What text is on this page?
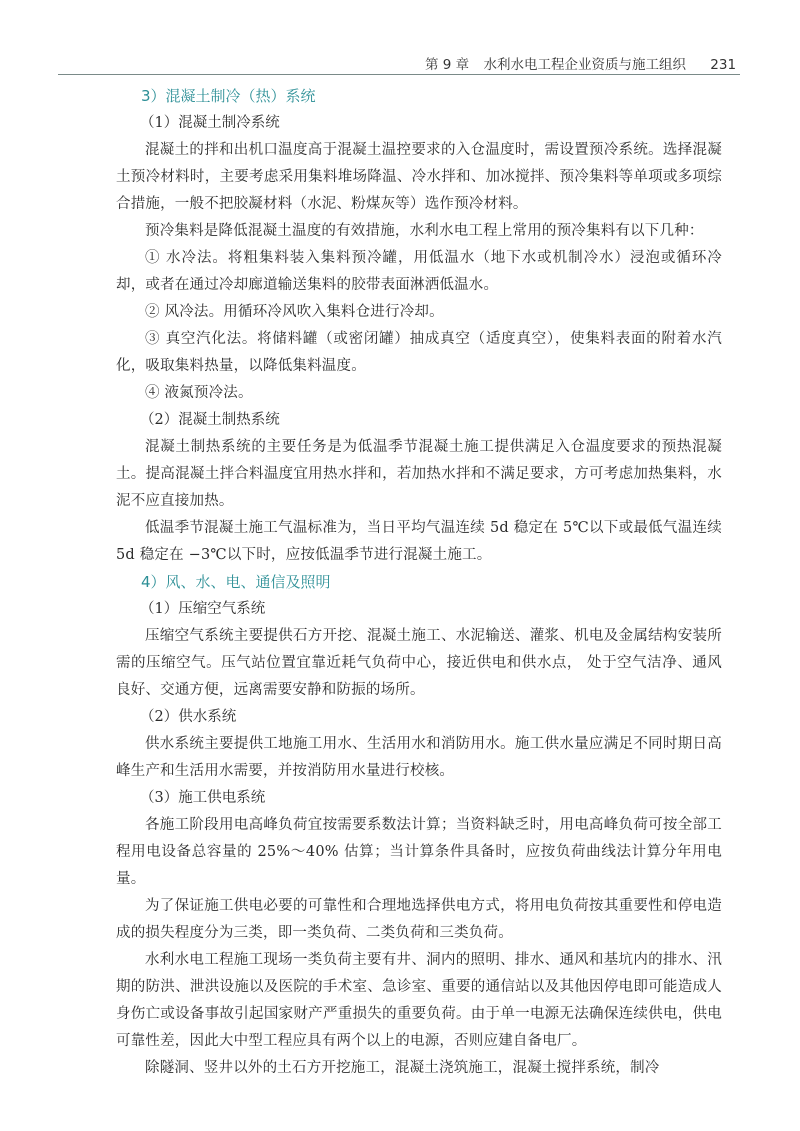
第 9 章 水利水电工程企业资质与施工组织 231
3）混凝土制冷（热）系统
（1）混凝土制冷系统

混凝土的拌和出机口温度高于混凝土温控要求的入仓温度时，需设置预冷系统。选择混凝土预冷材料时，主要考虑采用集料堆场降温、冷水拌和、加冰搅拌、预冷集料等单项或多项综合措施，一般不把胶凝材料（水泥、粉煤灰等）选作预冷材料。

预冷集料是降低混凝土温度的有效措施，水利水电工程上常用的预冷集料有以下几种：

① 水冷法。将粗集料装入集料预冷罐，用低温水（地下水或机制冷水）浸泡或循环冷却，或者在通过冷却廊道输送集料的胶带表面淋洒低温水。

② 风冷法。用循环冷风吹入集料仓进行冷却。

③ 真空汽化法。将储料罐（或密闭罐）抽成真空（适度真空），使集料表面的附着水汽化，吸取集料热量，以降低集料温度。

④ 液氮预冷法。

（2）混凝土制热系统

混凝土制热系统的主要任务是为低温季节混凝土施工提供满足入仓温度要求的预热混凝土。提高混凝土拌合料温度宜用热水拌和，若加热水拌和不满足要求，方可考虑加热集料，水泥不应直接加热。

低温季节混凝土施工气温标准为，当日平均气温连续 5d 稳定在 5℃以下或最低气温连续 5d 稳定在 −3℃以下时，应按低温季节进行混凝土施工。

4）风、水、电、通信及照明
（1）压缩空气系统

压缩空气系统主要提供石方开挖、混凝土施工、水泥输送、灌浆、机电及金属结构安装所需的压缩空气。压气站位置宜靠近耗气负荷中心，接近供电和供水点， 处于空气洁净、通风良好、交通方便，远离需要安静和防振的场所。

（2）供水系统

供水系统主要提供工地施工用水、生活用水和消防用水。施工供水量应满足不同时期日高峰生产和生活用水需要，并按消防用水量进行校核。

（3）施工供电系统

各施工阶段用电高峰负荷宜按需要系数法计算；当资料缺乏时，用电高峰负荷可按全部工程用电设备总容量的 25%～40% 估算；当计算条件具备时，应按负荷曲线法计算分年用电量。

为了保证施工供电必要的可靠性和合理地选择供电方式，将用电负荷按其重要性和停电造成的损失程度分为三类，即一类负荷、二类负荷和三类负荷。

水利水电工程施工现场一类负荷主要有井、洞内的照明、排水、通风和基坑内的排水、汛期的防洪、泄洪设施以及医院的手术室、急诊室、重要的通信站以及其他因停电即可能造成人身伤亡或设备事故引起国家财产严重损失的重要负荷。由于单一电源无法确保连续供电，供电可靠性差，因此大中型工程应具有两个以上的电源，否则应建自备电厂。

除隧洞、竖井以外的土石方开挖施工，混凝土浇筑施工，混凝土搅拌系统，制冷
